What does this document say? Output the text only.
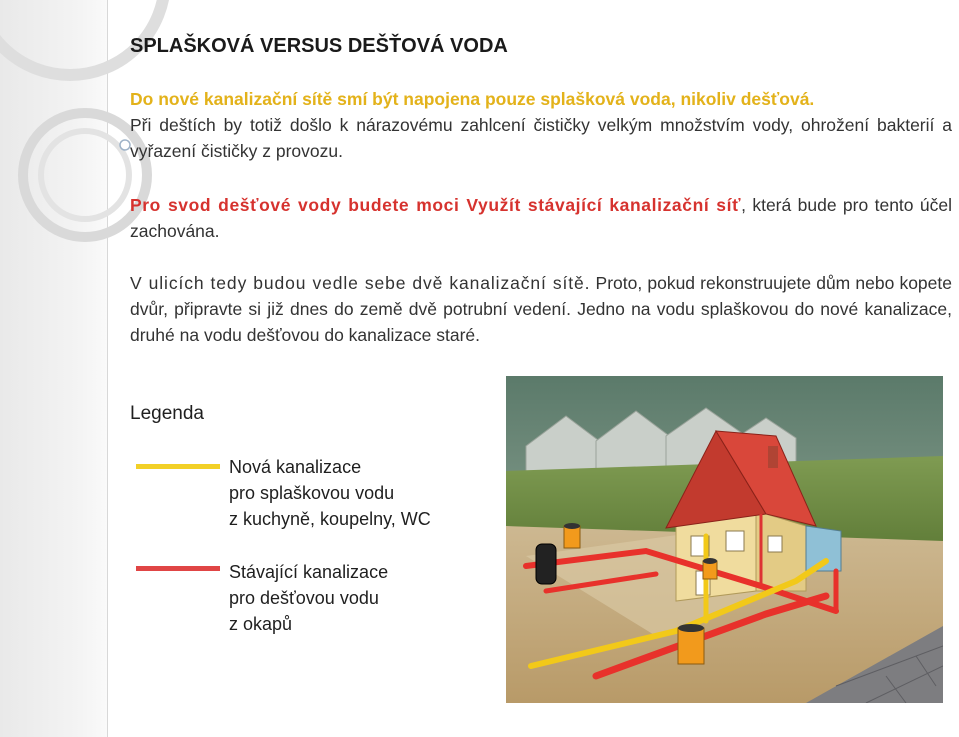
SPLAŠKOVÁ VERSUS DEŠŤOVÁ VODA
Do nové kanalizační sítě smí být napojena pouze splašková voda, nikoliv dešťová.
Při deštích by totiž došlo k nárazovému zahlcení čističky velkým množstvím vody, ohrožení bakterií a vyřazení čističky z provozu.
Pro svod dešťové vody budete moci Využít stávající kanalizační síť, která bude pro tento účel zachována.
V ulicích tedy budou vedle sebe dvě kanalizační sítě. Proto, pokud rekonstruujete dům nebo kopete dvůr, připravte si již dnes do země dvě potrubní vedení. Jedno na vodu splaškovou do nové kanalizace, druhé na vodu dešťovou do kanalizace staré.
Legenda
Nová kanalizace
pro splaškovou vodu
z kuchyně, koupelny, WC
Stávající kanalizace
pro dešťovou vodu
z okapů
